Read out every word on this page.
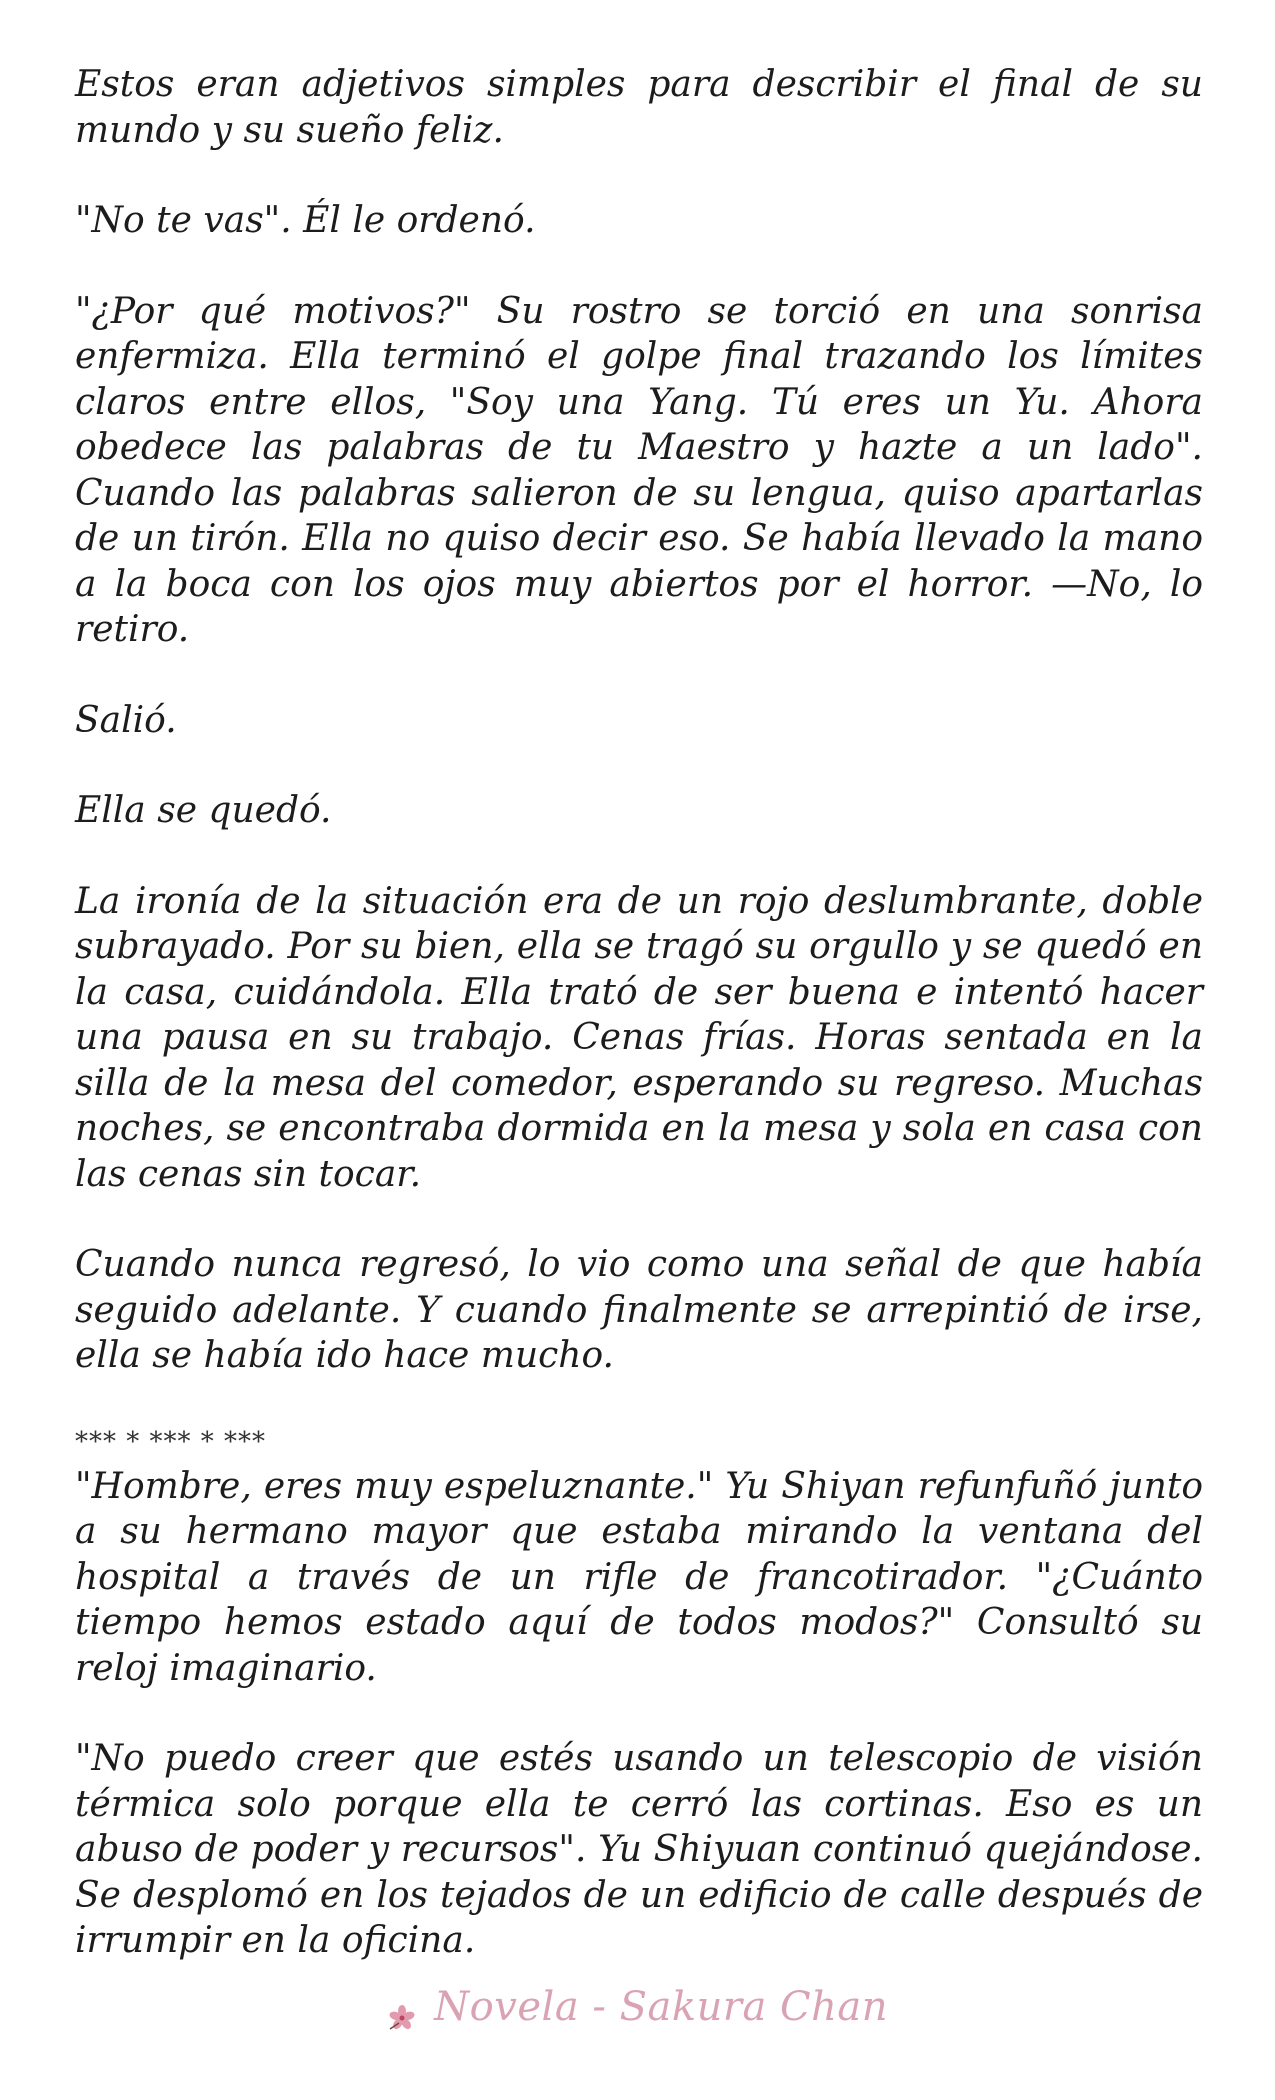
Estos eran adjetivos simples para describir el final de su mundo y su sueño feliz.

"No te vas". Él le ordenó.

"¿Por qué motivos?" Su rostro se torció en una sonrisa enfermiza. Ella terminó el golpe final trazando los límites claros entre ellos, "Soy una Yang. Tú eres un Yu. Ahora obedece las palabras de tu Maestro y hazte a un lado". Cuando las palabras salieron de su lengua, quiso apartarlas de un tirón. Ella no quiso decir eso. Se había llevado la mano a la boca con los ojos muy abiertos por el horror. —No, lo retiro.

Salió.

Ella se quedó.

La ironía de la situación era de un rojo deslumbrante, doble subrayado. Por su bien, ella se tragó su orgullo y se quedó en la casa, cuidándola. Ella trató de ser buena e intentó hacer una pausa en su trabajo. Cenas frías. Horas sentada en la silla de la mesa del comedor, esperando su regreso. Muchas noches, se encontraba dormida en la mesa y sola en casa con las cenas sin tocar.

Cuando nunca regresó, lo vio como una señal de que había seguido adelante. Y cuando finalmente se arrepintió de irse, ella se había ido hace mucho.

*** * *** * ***

"Hombre, eres muy espeluznante." Yu Shiyan refunfuñó junto a su hermano mayor que estaba mirando la ventana del hospital a través de un rifle de francotirador. "¿Cuánto tiempo hemos estado aquí de todos modos?" Consultó su reloj imaginario.

"No puedo creer que estés usando un telescopio de visión térmica solo porque ella te cerró las cortinas. Eso es un abuso de poder y recursos". Yu Shiyuan continuó quejándose. Se desplomó en los tejados de un edificio de calle después de irrumpir en la oficina.

Novela - Sakura Chan
